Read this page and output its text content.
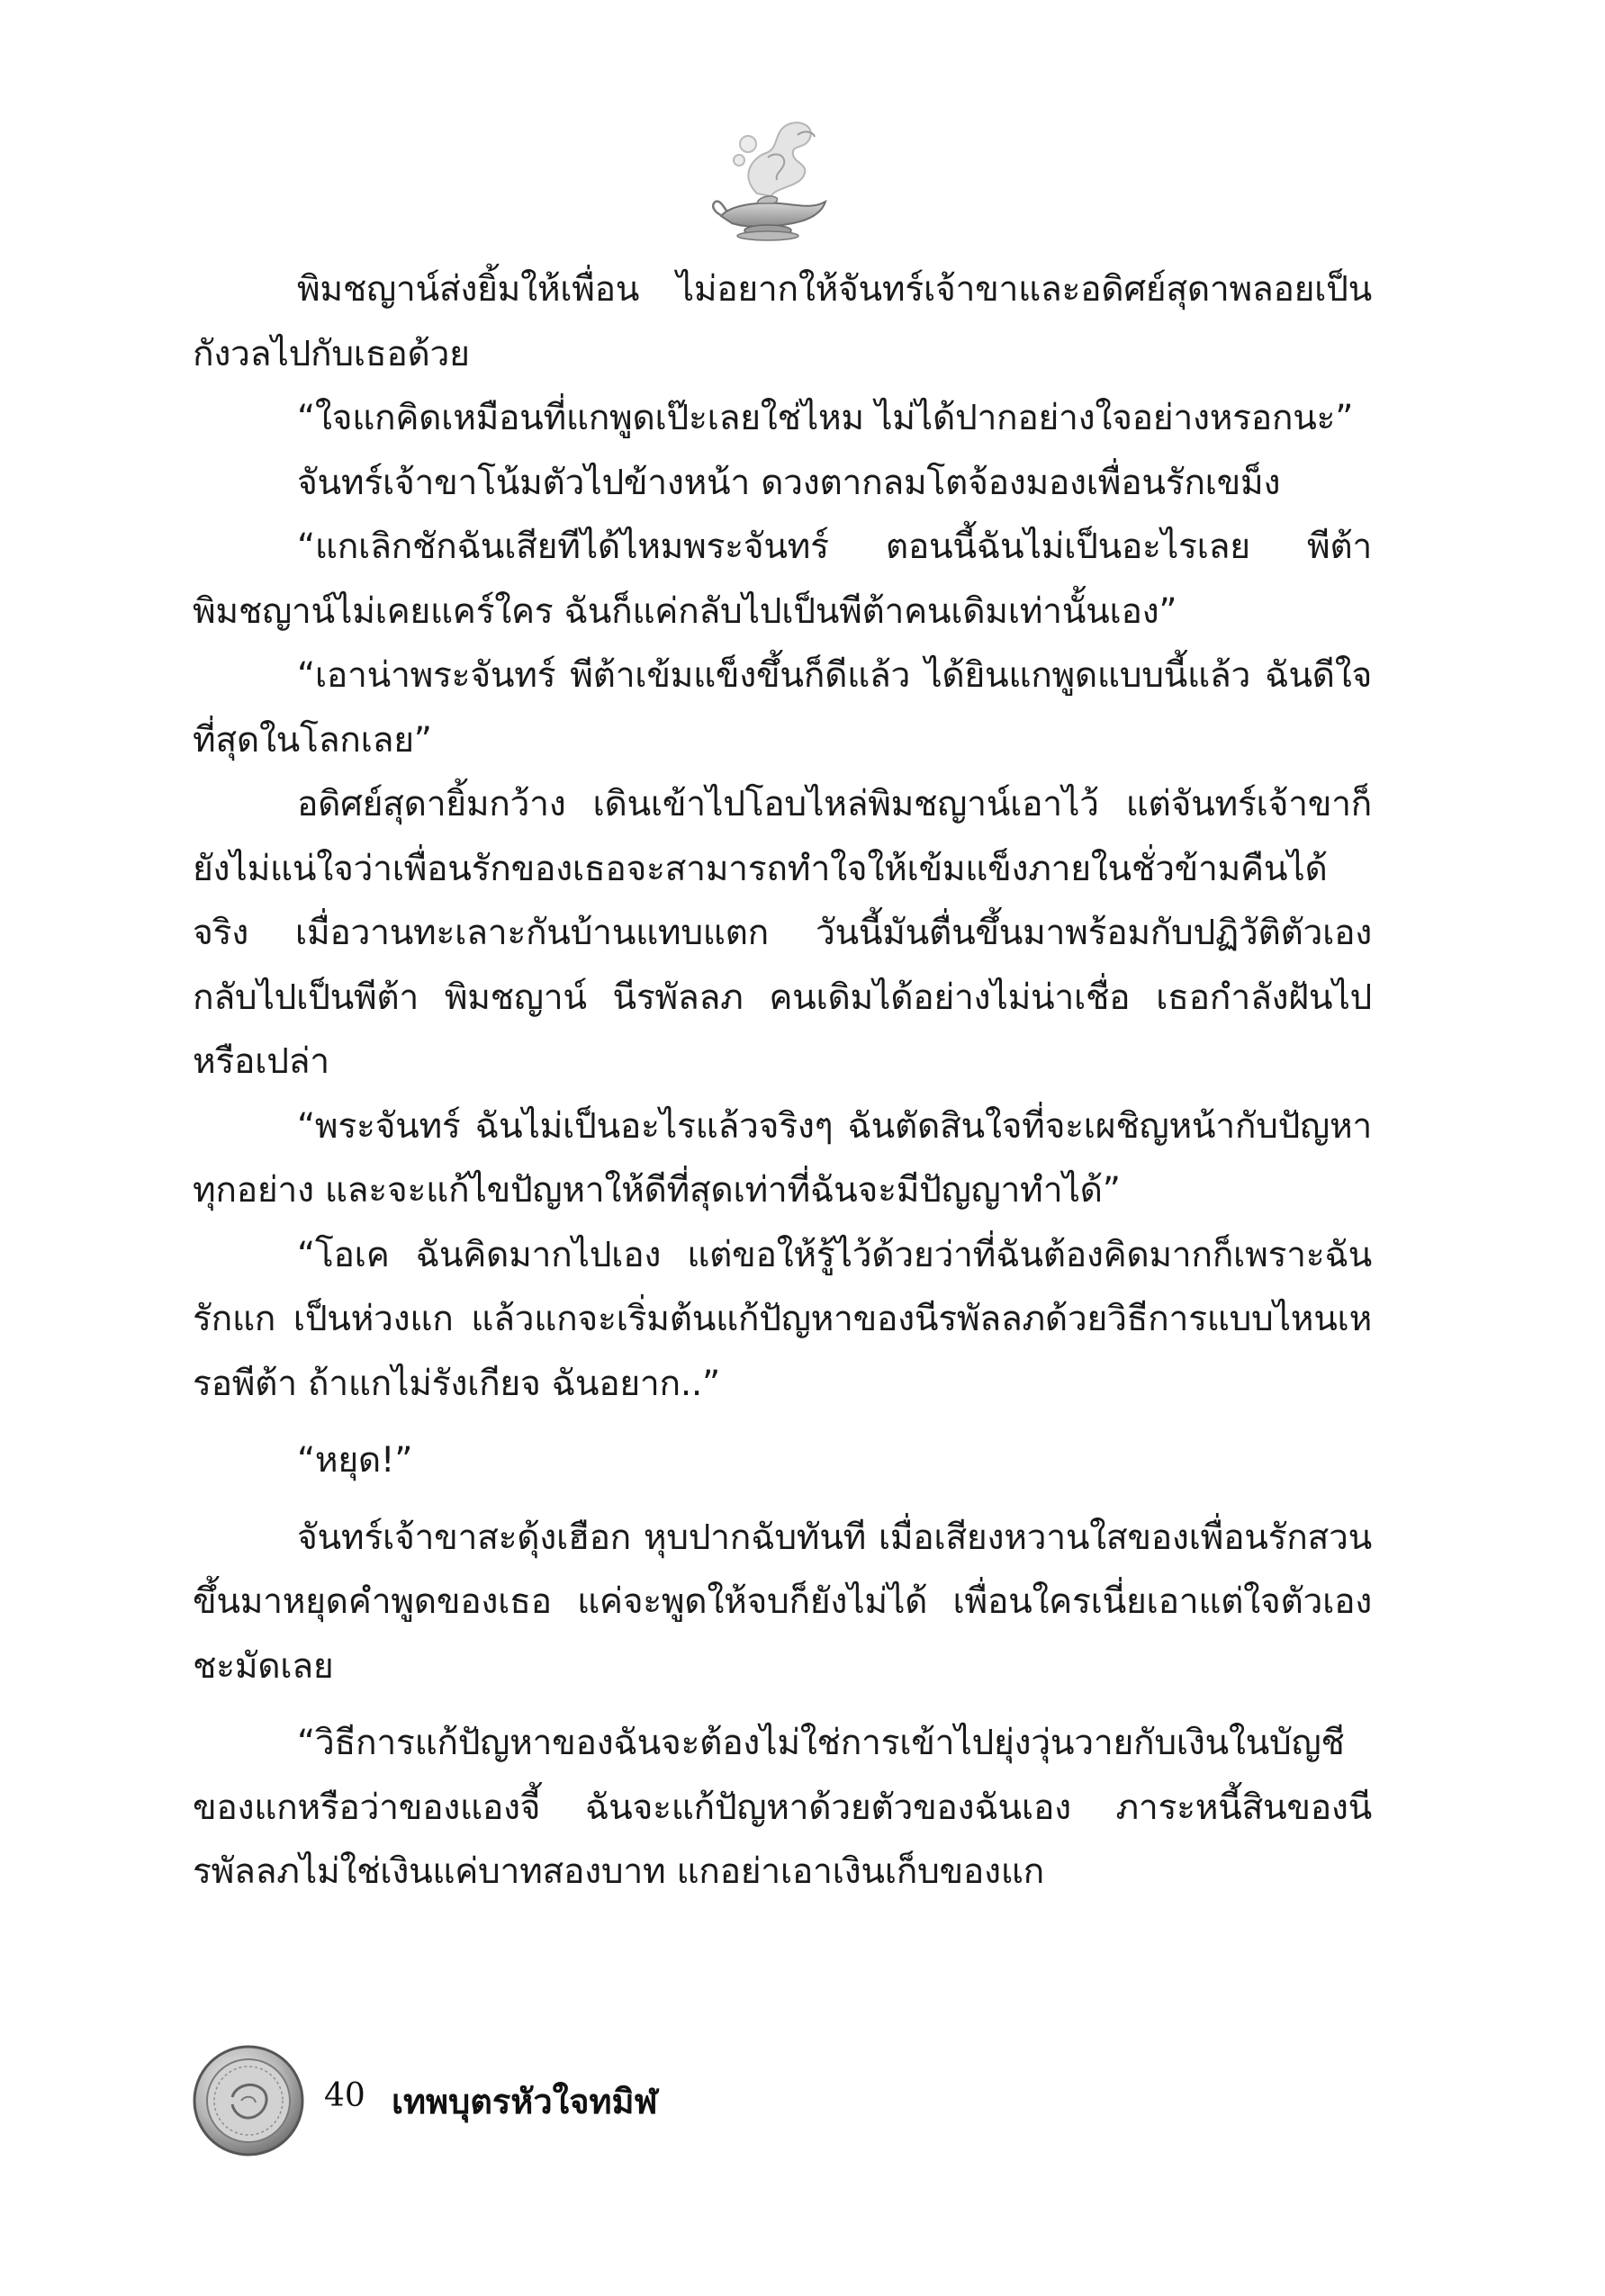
พิมชญาน์ส่งยิ้มให้เพื่อน ไม่อยากให้จันทร์เจ้าขาและอดิศย์สุดาพลอยเป็นกังวลไปกับเธอด้วย

“ใจแกคิดเหมือนที่แกพูดเป๊ะเลยใช่ไหม ไม่ได้ปากอย่างใจอย่างหรอกนะ”

จันทร์เจ้าขาโน้มตัวไปข้างหน้า ดวงตากลมโตจ้องมองเพื่อนรักเขม็ง

“แกเลิกชักฉันเสียทีได้ไหมพระจันทร์ ตอนนี้ฉันไม่เป็นอะไรเลย พีต้า พิมชญาน์ไม่เคยแคร์ใคร ฉันก็แค่กลับไปเป็นพีต้าคนเดิมเท่านั้นเอง”

“เอาน่าพระจันทร์ พีต้าเข้มแข็งขึ้นก็ดีแล้ว ได้ยินแกพูดแบบนี้แล้ว ฉันดีใจที่สุดในโลกเลย”

อดิศย์สุดายิ้มกว้าง เดินเข้าไปโอบไหล่พิมชญาน์เอาไว้ แต่จันทร์เจ้าขาก็ยังไม่แน่ใจว่าเพื่อนรักของเธอจะสามารถทำใจให้เข้มแข็งภายในชั่วข้ามคืนได้จริง เมื่อวานทะเลาะกันบ้านแทบแตก วันนี้มันตื่นขึ้นมาพร้อมกับปฏิวัติตัวเอง กลับไปเป็นพีต้า พิมชญาน์ นีรพัลลภ คนเดิมได้อย่างไม่น่าเชื่อ เธอกำลังฝันไปหรือเปล่า

“พระจันทร์ ฉันไม่เป็นอะไรแล้วจริงๆ ฉันตัดสินใจที่จะเผชิญหน้ากับปัญหาทุกอย่าง และจะแก้ไขปัญหาให้ดีที่สุดเท่าที่ฉันจะมีปัญญาทำได้”

“โอเค ฉันคิดมากไปเอง แต่ขอให้รู้ไว้ด้วยว่าที่ฉันต้องคิดมากก็เพราะฉันรักแก เป็นห่วงแก แล้วแกจะเริ่มต้นแก้ปัญหาของนีรพัลลภด้วยวิธีการแบบไหนเหรอพีต้า ถ้าแกไม่รังเกียจ ฉันอยาก..”

“หยุด!”

จันทร์เจ้าขาสะดุ้งเฮือก หุบปากฉับทันที เมื่อเสียงหวานใสของเพื่อนรักสวนขึ้นมาหยุดคำพูดของเธอ แค่จะพูดให้จบก็ยังไม่ได้ เพื่อนใครเนี่ยเอาแต่ใจตัวเองชะมัดเลย

“วิธีการแก้ปัญหาของฉันจะต้องไม่ใช่การเข้าไปยุ่งวุ่นวายกับเงินในบัญชีของแกหรือว่าของแองจี้ ฉันจะแก้ปัญหาด้วยตัวของฉันเอง ภาระหนี้สินของนีรพัลลภไม่ใช่เงินแค่บาทสองบาท แกอย่าเอาเงินเก็บของแก

40 เทพบุตรหัวใจทมิฬ
